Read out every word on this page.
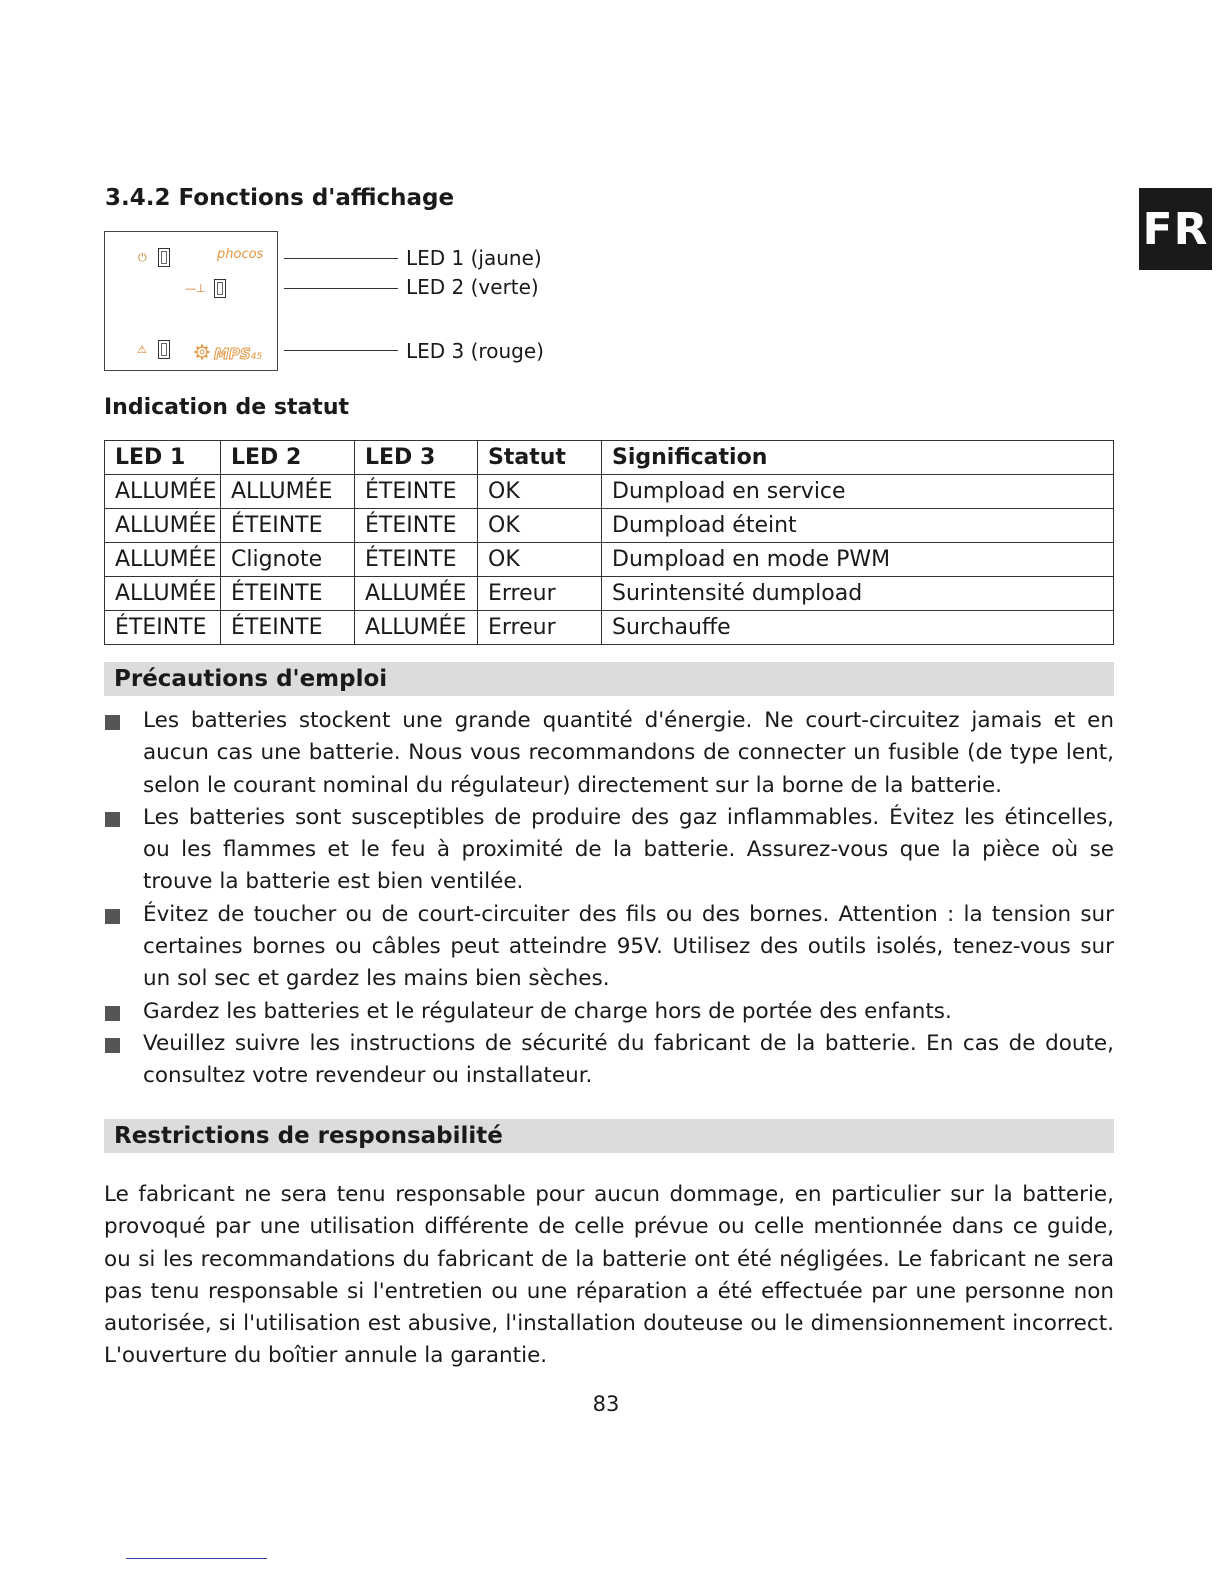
FR
3.4.2 Fonctions d'affichage
⏻	phocos
—⊥
⚠	MPS45
LED 1 (jaune)
LED 2 (verte)
LED 3 (rouge)
Indication de statut
LED 1	LED 2	LED 3	Statut	Signification
ALLUMÉE	ALLUMÉE	ÉTEINTE	OK	Dumpload en service
ALLUMÉE	ÉTEINTE	ÉTEINTE	OK	Dumpload éteint
ALLUMÉE	Clignote	ÉTEINTE	OK	Dumpload en mode PWM
ALLUMÉE	ÉTEINTE	ALLUMÉE	Erreur	Surintensité dumpload
ÉTEINTE	ÉTEINTE	ALLUMÉE	Erreur	Surchauffe
Précautions d'emploi
Les batteries stockent une grande quantité d'énergie. Ne court-circuitez jamais et en aucun cas une batterie. Nous vous recommandons de connecter un fusible (de type lent, selon le courant nominal du régulateur) directement sur la borne de la batterie.
Les batteries sont susceptibles de produire des gaz inflammables. Évitez les étincelles, ou les flammes et le feu à proximité de la batterie. Assurez-vous que la pièce où se trouve la batterie est bien ventilée.
Évitez de toucher ou de court-circuiter des fils ou des bornes. Attention : la tension sur certaines bornes ou câbles peut atteindre 95V. Utilisez des outils isolés, tenez-vous sur un sol sec et gardez les mains bien sèches.
Gardez les batteries et le régulateur de charge hors de portée des enfants.
Veuillez suivre les instructions de sécurité du fabricant de la batterie. En cas de doute, consultez votre revendeur ou installateur.
Restrictions de responsabilité

Le fabricant ne sera tenu responsable pour aucun dommage, en particulier sur la batterie, provoqué par une utilisation différente de celle prévue ou celle mentionnée dans ce guide, ou si les recommandations du fabricant de la batterie ont été négligées. Le fabricant ne sera pas tenu responsable si l'entretien ou une réparation a été effectuée par une personne non autorisée, si l'utilisation est abusive, l'installation douteuse ou le dimensionnement incorrect. L'ouverture du boîtier annule la garantie.

83
